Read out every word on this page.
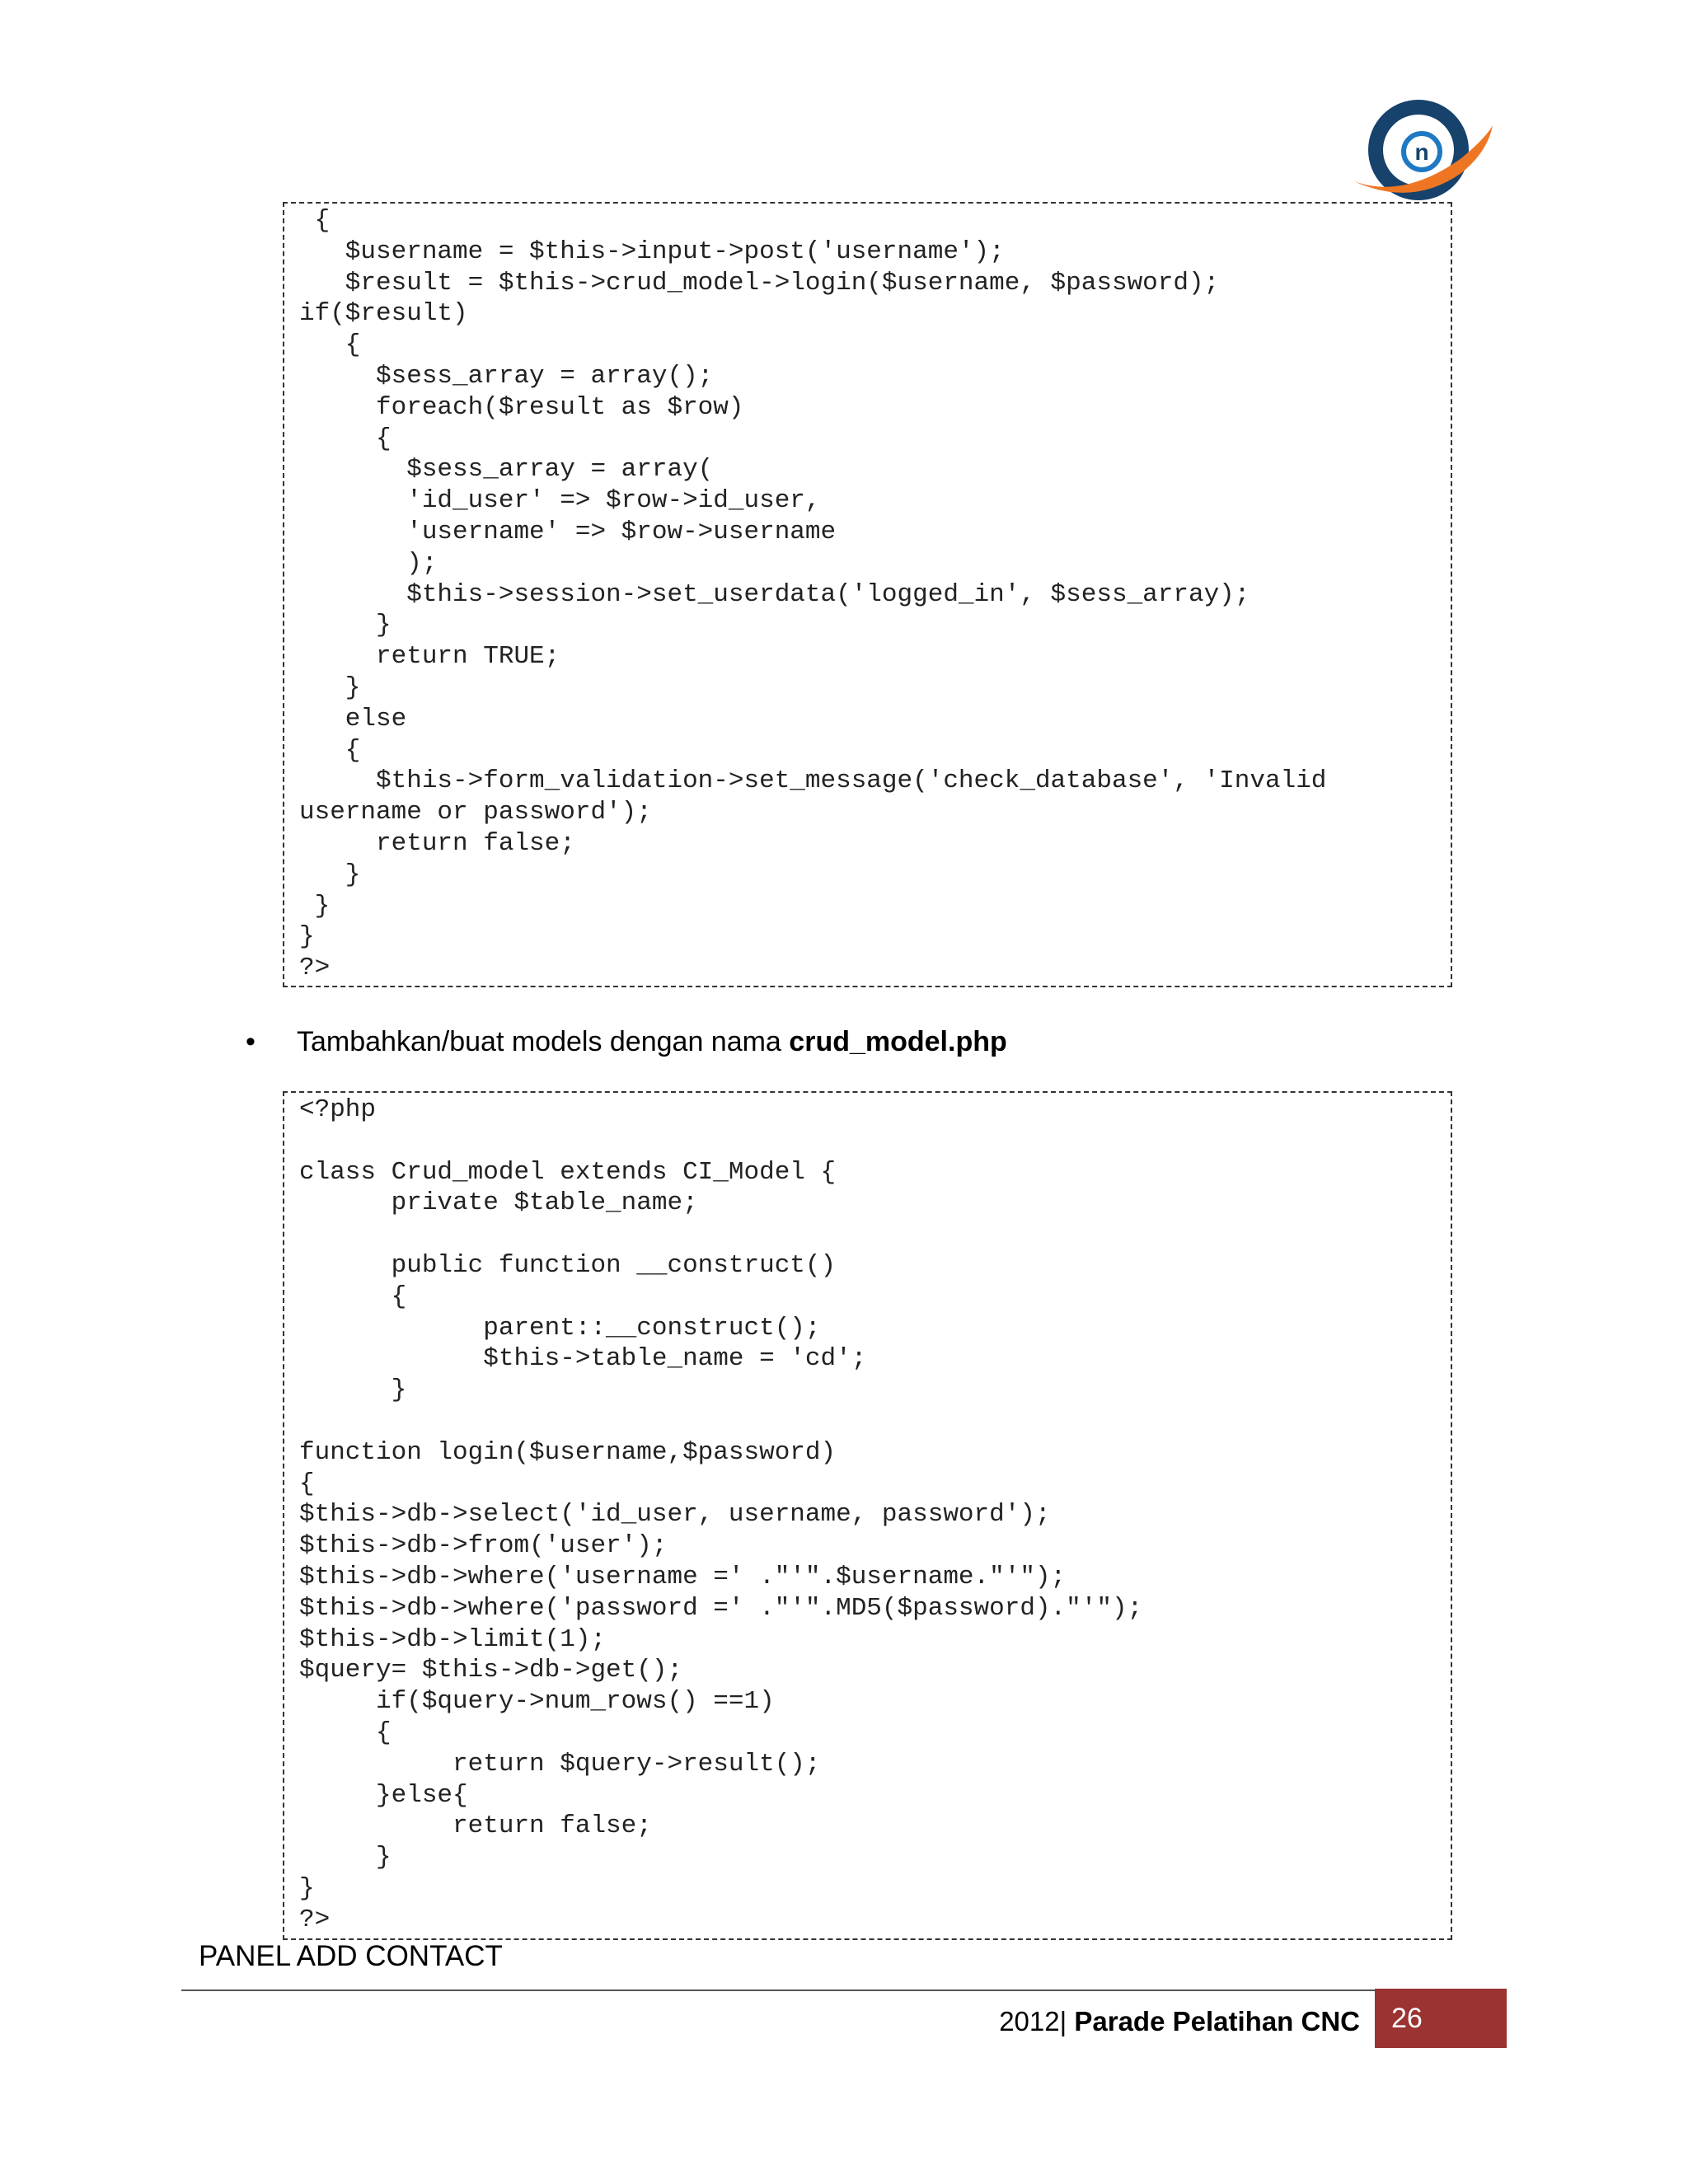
n
{
$username = $this->input->post('username');
$result = $this->crud_model->login($username, $password);
if($result)
{
$sess_array = array();
foreach($result as $row)
{
$sess_array = array(
'id_user' => $row->id_user,
'username' => $row->username
);
$this->session->set_userdata('logged_in', $sess_array);
}
return TRUE;
}
else
{
$this->form_validation->set_message('check_database', 'Invalid
username or password');
return false;
}
}
}
?>

• Tambahkan/buat models dengan nama crud_model.php
<?php

class Crud_model extends CI_Model {
private $table_name;

public function __construct()
{
parent::__construct();
$this->table_name = 'cd';
}

function login($username,$password)
{
$this->db->select('id_user, username, password');
$this->db->from('user');
$this->db->where('username =' ."'".$username."'");
$this->db->where('password =' ."'".MD5($password)."'");
$this->db->limit(1);
$query= $this->db->get();
if($query->num_rows() ==1)
{
return $query->result();
}else{
return false;
}
}
?>

PANEL ADD CONTACT
2012| Parade Pelatihan CNC	26
